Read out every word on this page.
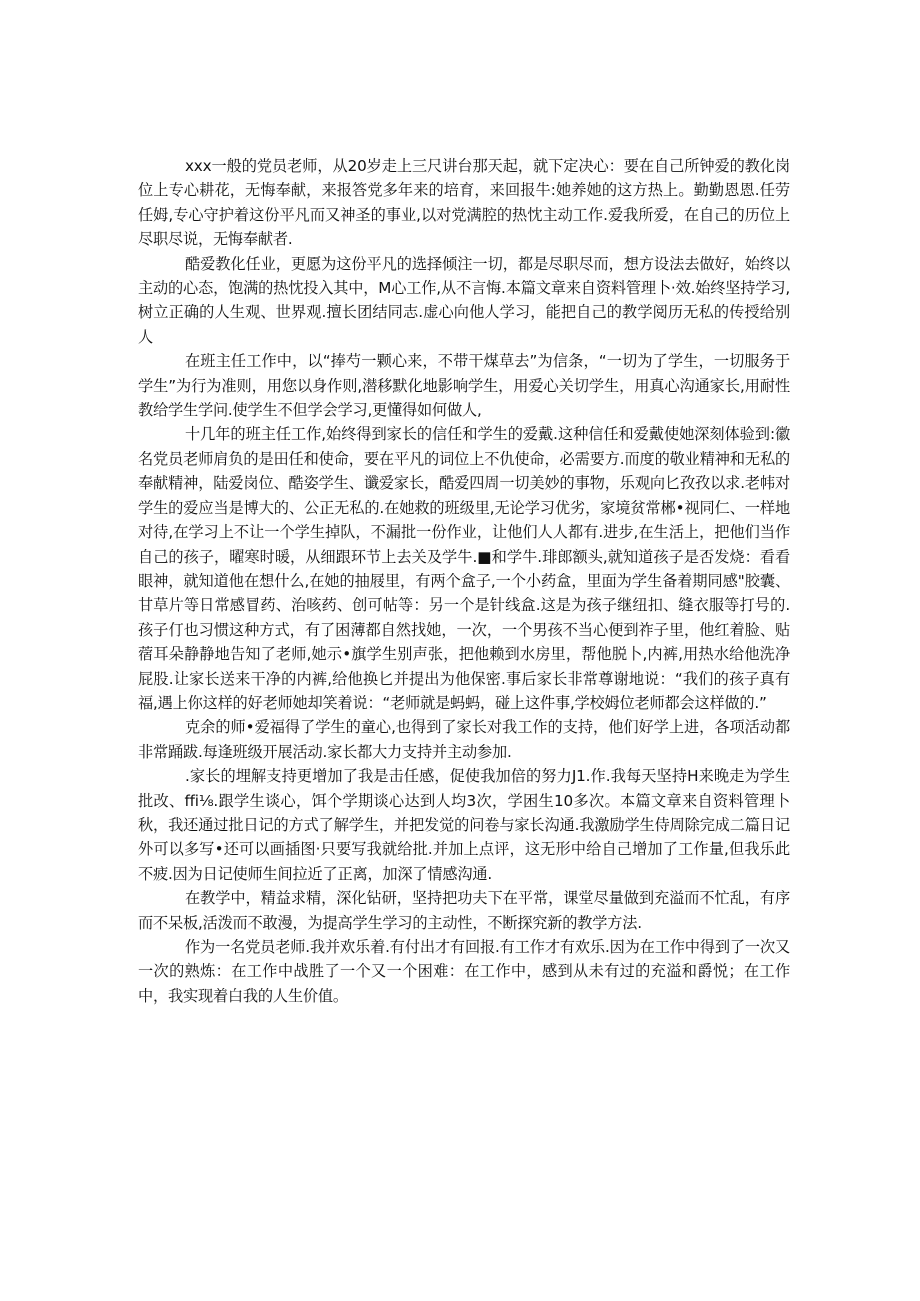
xxx一般的党员老师，从20岁走上三尺讲台那天起，就下定决心：要在自己所钟爱的教化岗位上专心耕花，无悔奉献，来报答党多年来的培育，来回报牛:她养她的这方热上。勤勤恩恩.任劳任姆,专心守护着这份平凡而又神圣的事业,以对党满腔的热忱主动工作.爱我所爱，在自己的历位上尽职尽说，无悔奉献者.

酷爱教化任业，更愿为这份平凡的选择倾注一切，都是尽职尽而，想方设法去做好，始终以主动的心态，饱满的热忱投入其中，M心工作,从不言悔.本篇文章来自资料管理卜·效.始终坚持学习,树立正确的人生观、世界观.擅长团结同志.虚心向他人学习，能把自己的教学阅历无私的传授给别人

在班主任工作中，以“捧芍一颗心来，不带干煤草去”为信条，“一切为了学生，一切服务于学生”为行为准则，用您以身作则,潜移默化地影响学生，用爱心关切学生，用真心沟通家长,用耐性教给学生学问.使学生不但学会学习,更懂得如何做人,

十几年的班主任工作,始终得到家长的信任和学生的爱戴.这种信任和爱戴使她深刻体验到:徽名党员老师肩负的是田任和使命，要在平凡的词位上不仇使命，必需要方.而度的敬业精神和无私的奉献精神，陆爱岗位、酷姿学生、谶爱家长，酷爱四周一切美妙的事物，乐观向匕孜孜以求.老帏对学生的爱应当是博大的、公正无私的.在她救的班级里,无论学习优劣，家境贫常郴•视同仁、一样地对待,在学习上不让一个学生掉队，不漏批一份作业，让他们人人都有.进步,在生活上，把他们当作自己的孩子，曜寒时暖，从细跟环节上去关及学牛.■和学牛.琲郎额头,就知道孩子是否发烧：看看眼神，就知道他在想什么,在她的抽屐里，有两个盒子,一个小药盒，里面为学生备着期同感"胶囊、甘草片等日常感冒药、治咳药、创可帖等：另一个是针线盒.这是为孩子继纽扣、缝衣服等打号的.孩子仃也习惯这种方式，有了困薄都自然找她，一次，一个男孩不当心便到祚子里，他红着脸、贴蓿耳朵静静地告知了老师,她示•旗学生别声张，把他赖到水房里，帮他脱卜,内裤,用热水给他洗净屁股.让家长送来干净的内裤,给他换匕并提出为他保密.事后家长非常尊谢地说：“我们的孩子真有福,遇上你这样的好老师她却笑着说：“老师就是蚂蚂，碰上这件事,学校姆位老师都会这样做的.”

克余的师•爱福得了学生的童心,也得到了家长对我工作的支持，他们好学上进，各项活动都非常踊跋.每逢班级开展活动.家长都大力支持并主动参加.

.家长的埋解支持更增加了我是击任感，促使我加倍的努力J1.作.我每天坚持H来晚走为学生批改、ffi⅛.跟学生谈心，饵个学期谈心达到人均3次，学困生10多次。本篇文章来自资料管理卜秋，我还通过批日记的方式了解学生，并把发觉的问卷与家长沟通.我激励学生侍周除完成二篇日记外可以多写•还可以画插图·只要写我就给批.并加上点评，这无形中给自己增加了工作量,但我乐此不疲.因为日记使师生间拉近了正离，加深了情感沟通.

在教学中，精益求精，深化钻研，坚持把功夫下在平常，课堂尽量做到充溢而不忙乱，有序而不呆板,活泼而不敢漫，为提高学生学习的主动性，不断探究新的教学方法.

作为一名党员老师.我并欢乐着.有付出才有回报.有工作才有欢乐.因为在工作中得到了一次又一次的熟炼：在工作中战胜了一个又一个困难：在工作中，感到从未有过的充溢和爵悦；在工作中，我实现着白我的人生价值。
